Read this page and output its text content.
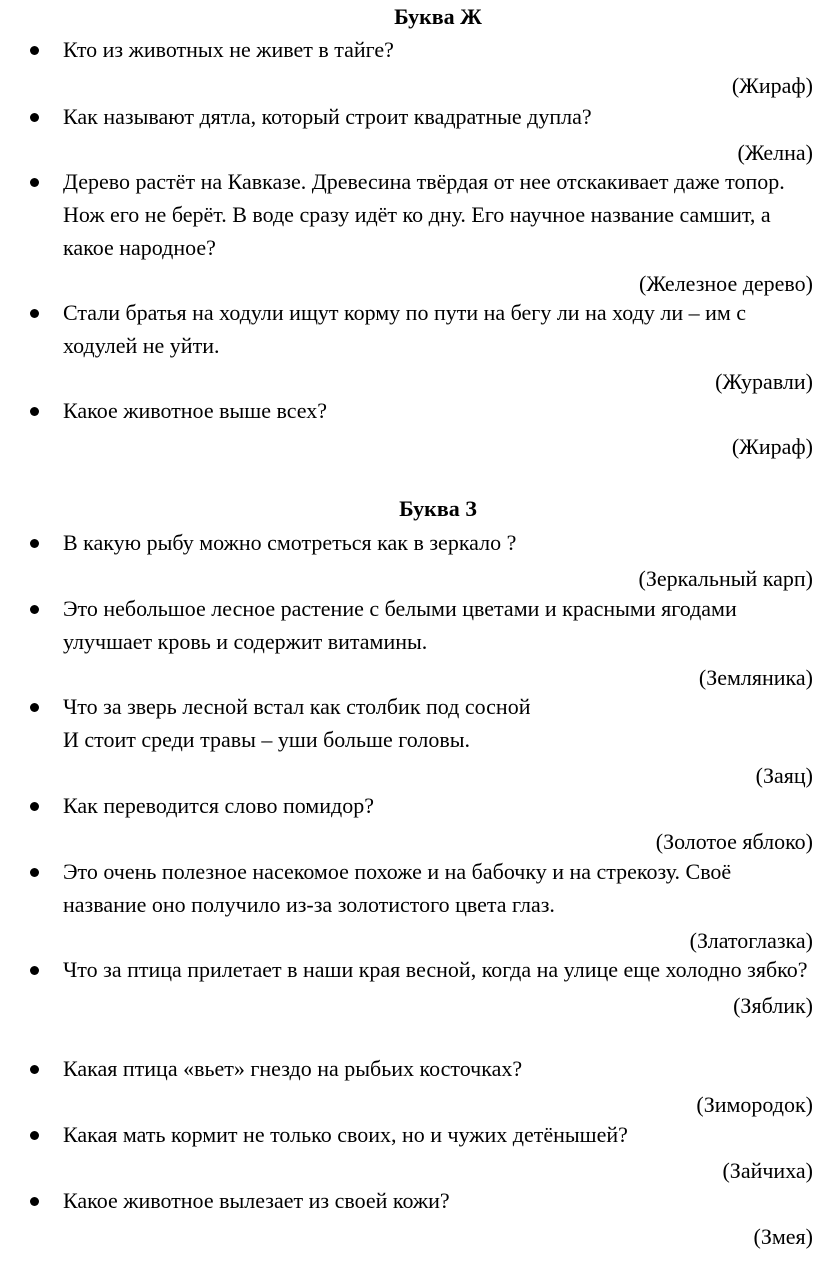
Буква Ж
Кто из животных не живет в тайге?
(Жираф)
Как называют дятла, который строит квадратные дупла?
(Желна)
Дерево растёт на Кавказе. Древесина твёрдая от нее отскакивает даже топор. Нож его не берёт. В воде сразу идёт ко дну. Его научное название самшит, а какое народное?
(Железное дерево)
Стали братья на ходули ищут корму по пути на бегу ли на ходу ли – им с ходулей не уйти.
(Журавли)
Какое животное выше всех?
(Жираф)
Буква З
В какую рыбу можно смотреться как в зеркало ?
(Зеркальный карп)
Это небольшое лесное растение с белыми цветами и красными ягодами улучшает кровь и содержит витамины.
(Земляника)
Что за зверь лесной встал как столбик под сосной
И стоит среди травы – уши больше головы.
(Заяц)
Как переводится слово помидор?
(Золотое яблоко)
Это очень полезное насекомое похоже и на бабочку и на стрекозу. Своё название оно получило из-за золотистого цвета глаз.
(Златоглазка)
Что за птица прилетает в наши края весной, когда на улице еще холодно зябко?
(Зяблик)
Какая птица «вьет» гнездо на рыбьих косточках?
(Зимородок)
Какая мать кормит не только своих, но и чужих детёнышей?
(Зайчиха)
Какое животное вылезает из своей кожи?
(Змея)
